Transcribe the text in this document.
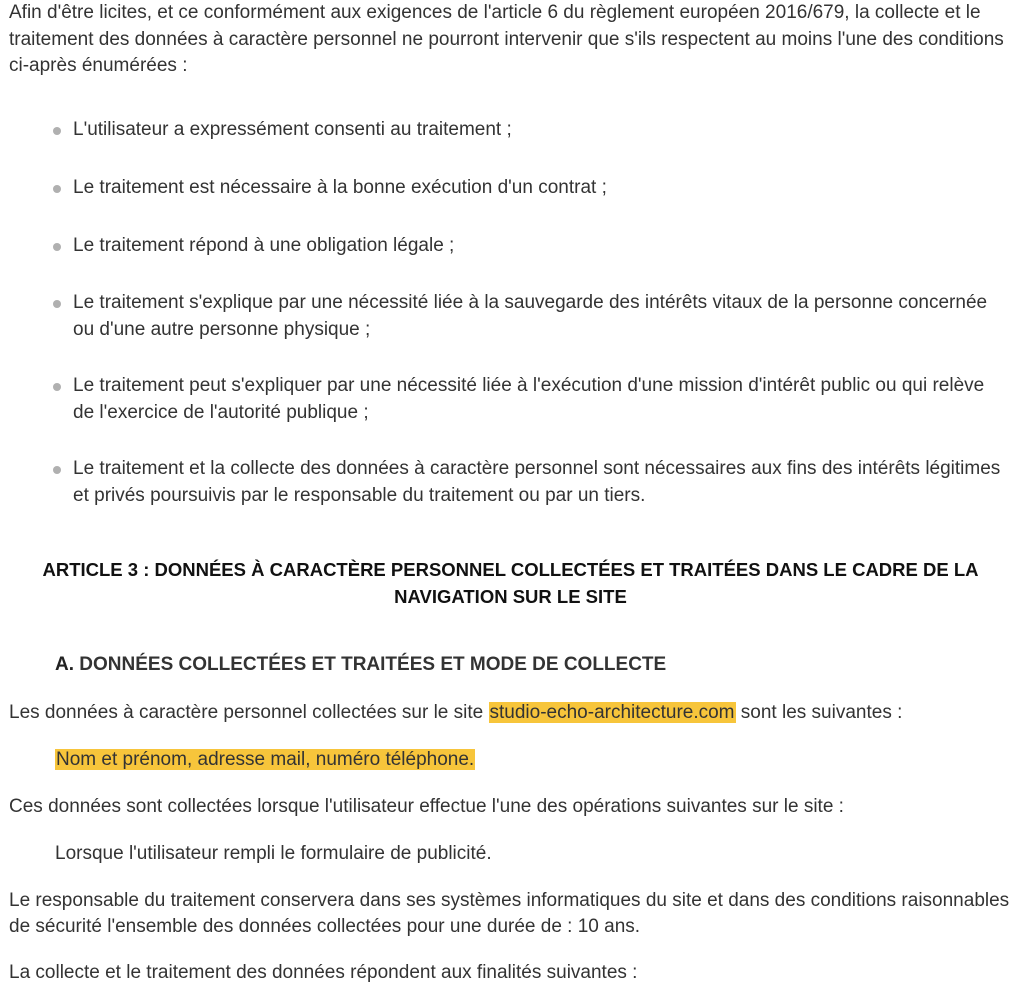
Afin d'être licites, et ce conformément aux exigences de l'article 6 du règlement européen 2016/679, la collecte et le traitement des données à caractère personnel ne pourront intervenir que s'ils respectent au moins l'une des conditions ci-après énumérées :

L'utilisateur a expressément consenti au traitement ;
Le traitement est nécessaire à la bonne exécution d'un contrat ;
Le traitement répond à une obligation légale ;
Le traitement s'explique par une nécessité liée à la sauvegarde des intérêts vitaux de la personne concernée ou d'une autre personne physique ;
Le traitement peut s'expliquer par une nécessité liée à l'exécution d'une mission d'intérêt public ou qui relève de l'exercice de l'autorité publique ;
Le traitement et la collecte des données à caractère personnel sont nécessaires aux fins des intérêts légitimes et privés poursuivis par le responsable du traitement ou par un tiers.
ARTICLE 3 : DONNÉES À CARACTÈRE PERSONNEL COLLECTÉES ET TRAITÉES DANS LE CADRE DE LA NAVIGATION SUR LE SITE
A. DONNÉES COLLECTÉES ET TRAITÉES ET MODE DE COLLECTE

Les données à caractère personnel collectées sur le site studio-echo-architecture.com sont les suivantes :

Nom et prénom, adresse mail, numéro téléphone.

Ces données sont collectées lorsque l'utilisateur effectue l'une des opérations suivantes sur le site :

Lorsque l'utilisateur rempli le formulaire de publicité.

Le responsable du traitement conservera dans ses systèmes informatiques du site et dans des conditions raisonnables de sécurité l'ensemble des données collectées pour une durée de : 10 ans.

La collecte et le traitement des données répondent aux finalités suivantes :
